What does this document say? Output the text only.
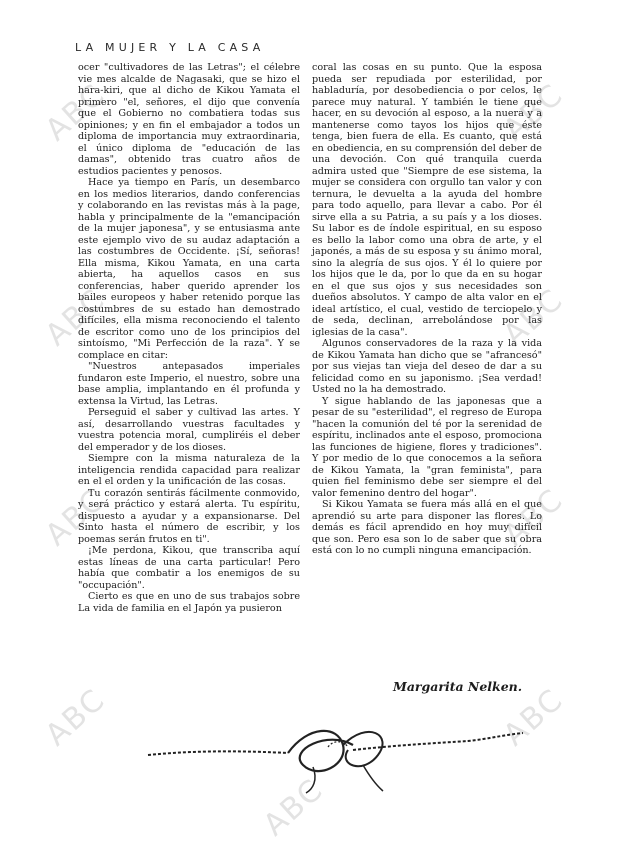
ABC	ABC
ABC	ABC
ABC	ABC
ABC	ABC
ABC
LA MUJER Y LA CASA

ocer "cultivadores de las Letras"; el célebre vie mes alcalde de Nagasaki, que se hizo el hara-kiri, que al dicho de Kikou Yamata el primero "el, señores, el dijo que convenía que el Gobierno no combatiera todas sus opiniones; y en fin el embajador a todos un diploma de importancia muy extraordinaria, el único diploma de "educación de las damas", obtenido tras cuatro años de estudios pacientes y penosos.

Hace ya tiempo en París, un desembarco en los medios literarios, dando conferencias y colaborando en las revistas más à la page, habla y principalmente de la "emancipación de la mujer japonesa", y se entusiasma ante este ejemplo vivo de su audaz adaptación a las costumbres de Occidente. ¡Sí, señoras! Ella misma, Kikou Yamata, en una carta abierta, ha aquellos casos en sus conferencias, haber querido aprender los bailes europeos y haber retenido porque las costumbres de su estado han demostrado difíciles, ella misma reconociendo el talento de escritor como uno de los principios del sintoísmo, "Mi Perfección de la raza". Y se complace en citar:

"Nuestros antepasados imperiales fundaron este Imperio, el nuestro, sobre una base amplia, implantando en él profunda y extensa la Virtud, las Letras.

Perseguid el saber y cultivad las artes. Y así, desarrollando vuestras facultades y vuestra potencia moral, cumpliréis el deber del emperador y de los dioses.

Siempre con la misma naturaleza de la inteligencia rendida capacidad para realizar en el el orden y la unificación de las cosas.

Tu corazón sentirás fácilmente conmovido, y será práctico y estará alerta. Tu espíritu, dispuesto a ayudar y a expansionarse. Del Sinto hasta el número de escribir, y los poemas serán frutos en ti".

¡Me perdona, Kikou, que transcriba aquí estas líneas de una carta particular! Pero había que combatir a los enemigos de su "occupación".

Cierto es que en uno de sus trabajos sobre La vida de familia en el Japón ya pusieron

coral las cosas en su punto. Que la esposa pueda ser repudiada por esterilidad, por habladuría, por desobediencia o por celos, le parece muy natural. Y también le tiene que hacer, en su devoción al esposo, a la nuera y a mantenerse como tayos los hijos que éste tenga, bien fuera de ella. Es cuanto, que está en obediencia, en su comprensión del deber de una devoción. Con qué tranquila cuerda admira usted que "Siempre de ese sistema, la mujer se considera con orgullo tan valor y con ternura, le devuelta a la ayuda del hombre para todo aquello, para llevar a cabo. Por él sirve ella a su Patria, a su país y a los dioses. Su labor es de índole espiritual, en su esposo es bello la labor como una obra de arte, y el japonés, a más de su esposa y su ánimo moral, sino la alegría de sus ojos. Y él lo quiere por los hijos que le da, por lo que da en su hogar en el que sus ojos y sus necesidades son dueños absolutos. Y campo de alta valor en el ideal artístico, el cual, vestido de terciopelo y de seda, declinan, arrebolándose por las iglesias de la casa".

Algunos conservadores de la raza y la vida de Kikou Yamata han dicho que se "afrancesó" por sus viejas tan vieja del deseo de dar a su felicidad como en su japonismo. ¡Sea verdad! Usted no la ha demostrado.

Y sigue hablando de las japonesas que a pesar de su "esterilidad", el regreso de Europa "hacen la comunión del té por la serenidad de espíritu, inclinados ante el esposo, promociona las funciones de higiene, flores y tradiciones". Y por medio de lo que conocemos a la señora de Kikou Yamata, la "gran feminista", para quien fiel feminismo debe ser siempre el del valor femenino dentro del hogar".

Si Kikou Yamata se fuera más allá en el que aprendió su arte para disponer las flores. Lo demás es fácil aprendido en hoy muy difícil que son. Pero esa son lo de saber que su obra está con lo no cumpli ninguna emancipación.

Margarita Nelken.
